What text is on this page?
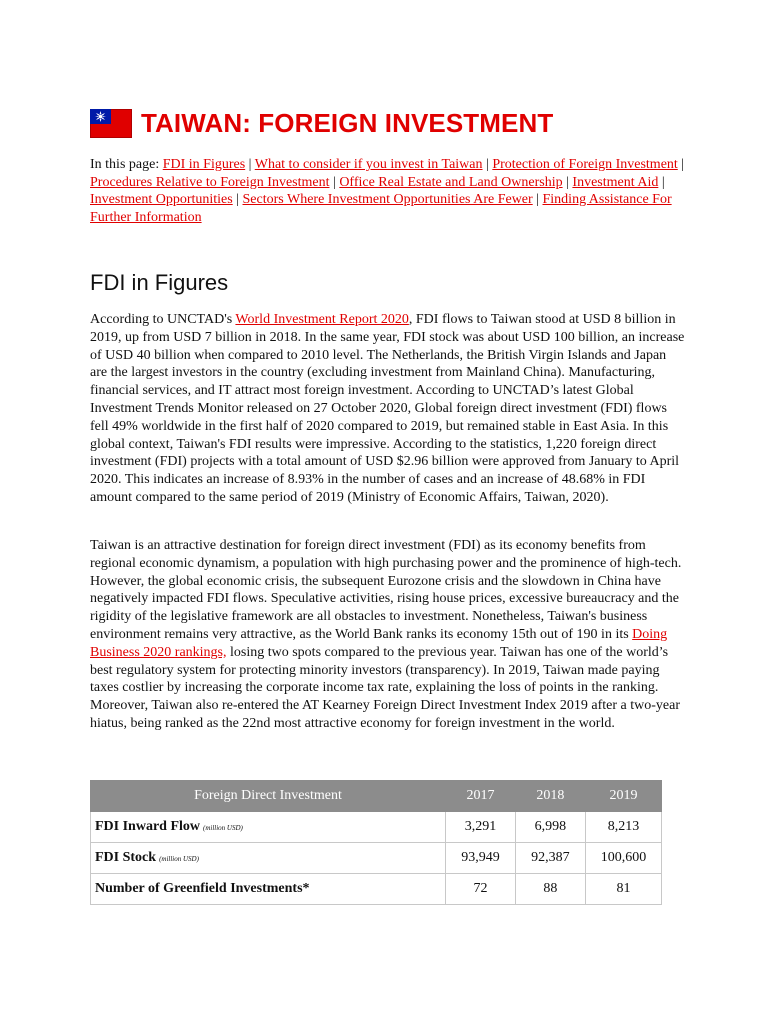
TAIWAN: FOREIGN INVESTMENT
In this page: FDI in Figures | What to consider if you invest in Taiwan | Protection of Foreign Investment | Procedures Relative to Foreign Investment | Office Real Estate and Land Ownership | Investment Aid | Investment Opportunities | Sectors Where Investment Opportunities Are Fewer | Finding Assistance For Further Information
FDI in Figures
According to UNCTAD's World Investment Report 2020, FDI flows to Taiwan stood at USD 8 billion in 2019, up from USD 7 billion in 2018. In the same year, FDI stock was about USD 100 billion, an increase of USD 40 billion when compared to 2010 level. The Netherlands, the British Virgin Islands and Japan are the largest investors in the country (excluding investment from Mainland China). Manufacturing, financial services, and IT attract most foreign investment. According to UNCTAD’s latest Global Investment Trends Monitor released on 27 October 2020, Global foreign direct investment (FDI) flows fell 49% worldwide in the first half of 2020 compared to 2019, but remained stable in East Asia. In this global context, Taiwan's FDI results were impressive. According to the statistics, 1,220 foreign direct investment (FDI) projects with a total amount of USD $2.96 billion were approved from January to April 2020. This indicates an increase of 8.93% in the number of cases and an increase of 48.68% in FDI amount compared to the same period of 2019 (Ministry of Economic Affairs, Taiwan, 2020).
Taiwan is an attractive destination for foreign direct investment (FDI) as its economy benefits from regional economic dynamism, a population with high purchasing power and the prominence of high-tech. However, the global economic crisis, the subsequent Eurozone crisis and the slowdown in China have negatively impacted FDI flows. Speculative activities, rising house prices, excessive bureaucracy and the rigidity of the legislative framework are all obstacles to investment. Nonetheless, Taiwan's business environment remains very attractive, as the World Bank ranks its economy 15th out of 190 in its Doing Business 2020 rankings, losing two spots compared to the previous year. Taiwan has one of the world’s best regulatory system for protecting minority investors (transparency). In 2019, Taiwan made paying taxes costlier by increasing the corporate income tax rate, explaining the loss of points in the ranking. Moreover, Taiwan also re-entered the AT Kearney Foreign Direct Investment Index 2019 after a two-year hiatus, being ranked as the 22nd most attractive economy for foreign investment in the world.
Foreign Direct Investment	2017	2018	2019
FDI Inward Flow (million USD)	3,291	6,998	8,213
FDI Stock (million USD)	93,949	92,387	100,600
Number of Greenfield Investments*	72	88	81
